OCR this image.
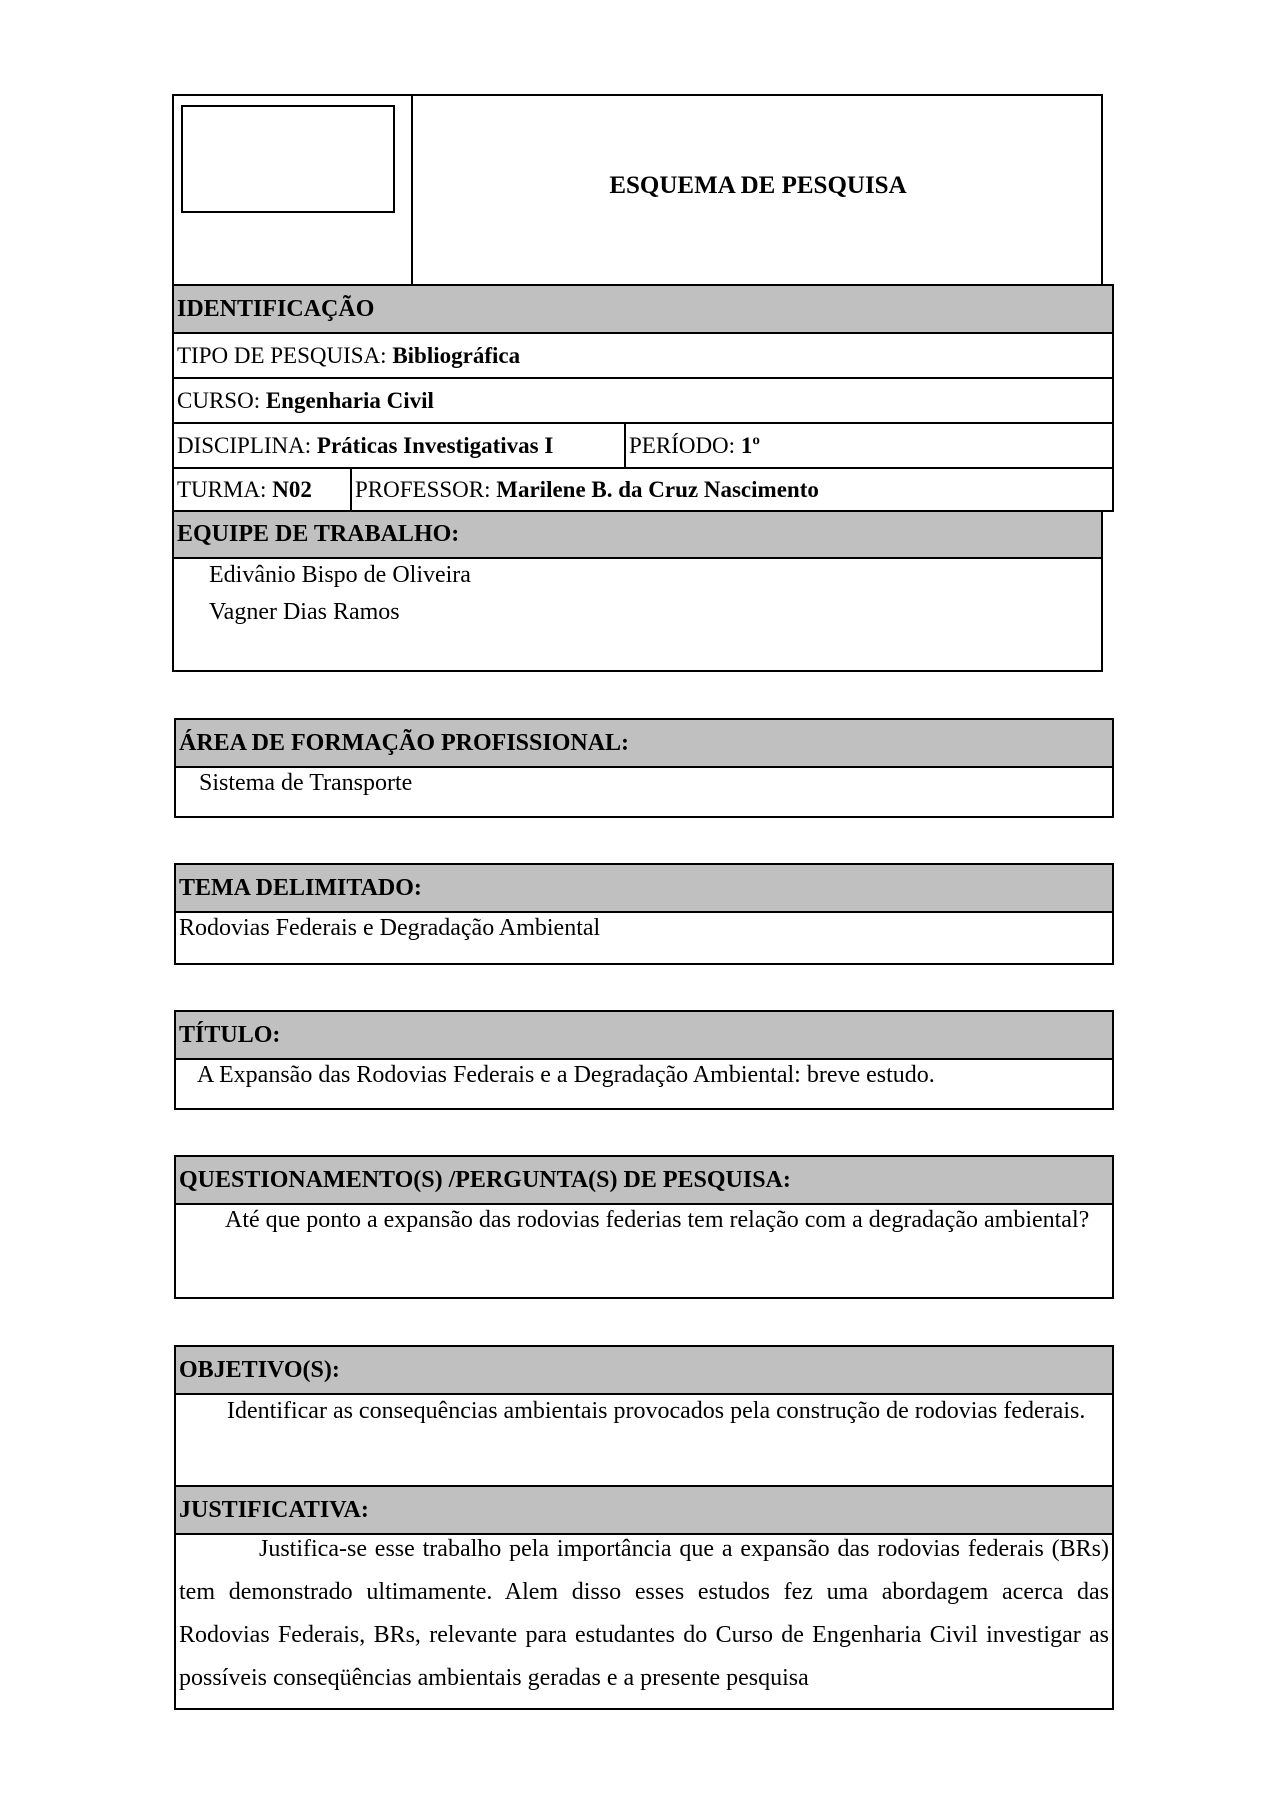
ESQUEMA DE PESQUISA
IDENTIFICAÇÃO
TIPO DE PESQUISA:
Bibliográfica
CURSO:
Engenharia Civil
DISCIPLINA:
Práticas Investigativas I	PERÍODO:
1º
TURMA:
N02 PROFESSOR:
Marilene B. da Cruz Nascimento
EQUIPE DE TRABALHO:
Edivânio Bispo de Oliveira
Vagner Dias Ramos
ÁREA DE FORMAÇÃO PROFISSIONAL:
Sistema de Transporte
TEMA DELIMITADO:
Rodovias Federais e Degradação Ambiental
TÍTULO:
A Expansão das Rodovias Federais e a Degradação Ambiental: breve estudo.
QUESTIONAMENTO(S) /PERGUNTA(S) DE PESQUISA:
Até que ponto a expansão das rodovias federias tem relação com a degradação ambiental?
OBJETIVO(S):
Identificar as consequências ambientais provocados pela construção de rodovias federais.
JUSTIFICATIVA:
Justifica-se esse trabalho pela importância que a expansão das rodovias federais (BRs) tem demonstrado ultimamente. Alem disso esses estudos fez uma abordagem acerca das Rodovias Federais, BRs, relevante para estudantes do Curso de Engenharia Civil investigar as possíveis conseqüências ambientais geradas e a presente pesquisa
